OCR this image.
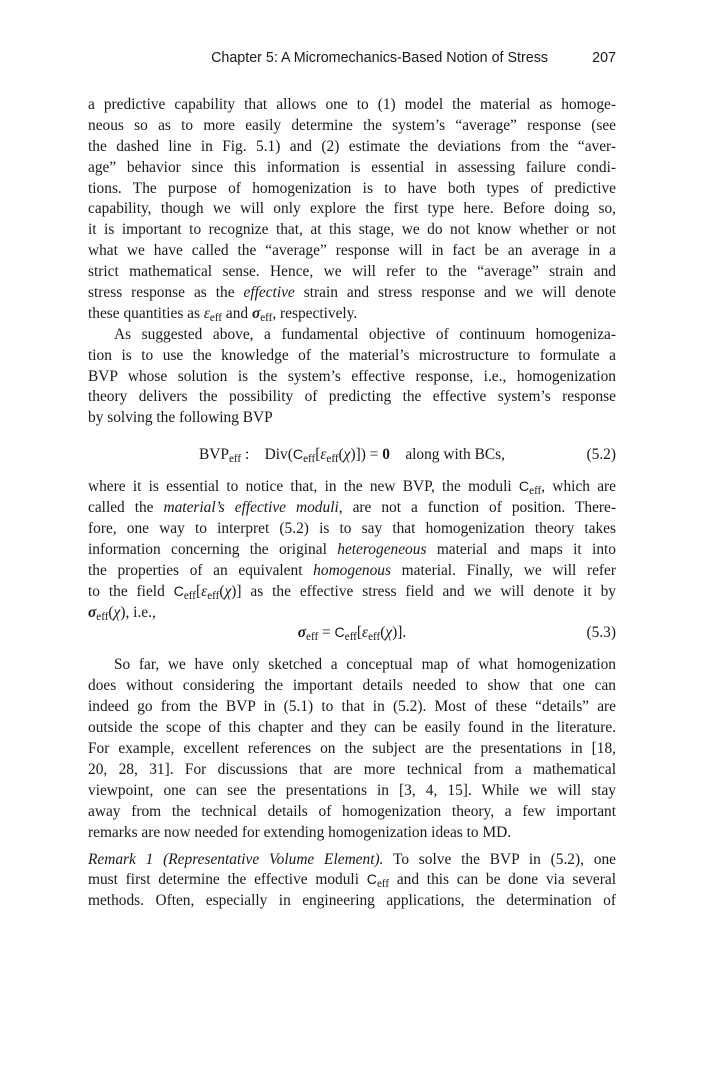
Chapter 5: A Micromechanics-Based Notion of Stress	207
a predictive capability that allows one to (1) model the material as homoge-
neous so as to more easily determine the system’s “average” response (see
the dashed line in Fig. 5.1) and (2) estimate the deviations from the “aver-
age” behavior since this information is essential in assessing failure condi-
tions. The purpose of homogenization is to have both types of predictive
capability, though we will only explore the first type here. Before doing so,
it is important to recognize that, at this stage, we do not know whether or not
what we have called the “average” response will in fact be an average in a
strict mathematical sense. Hence, we will refer to the “average” strain and
stress response as the effective strain and stress response and we will denote
these quantities as $\varepsilon_{eff}$ and $\sigma_{eff}$, respectively.
As suggested above, a fundamental objective of continuum homogeniza-
tion is to use the knowledge of the material’s microstructure to formulate a
BVP whose solution is the system’s effective response, i.e., homogenization
theory delivers the possibility of predicting the effective system’s response
by solving the following BVP
$BVP_{eff}$ :    $Div(C_{eff}[\varepsilon_{eff}(\chi)]) = 0$ along with BCs,	(5.2)
where it is essential to notice that, in the new BVP, the moduli $C_{eff}$, which are
called the material’s effective moduli, are not a function of position. There-
fore, one way to interpret (5.2) is to say that homogenization theory takes
information concerning the original heterogeneous material and maps it into
the properties of an equivalent homogenous material. Finally, we will refer
to the field $C_{eff}[\varepsilon_{eff}(\chi)]$ as the effective stress field and we will denote it by
$\sigma_{eff}(\chi)$, i.e.,
$\sigma_{eff} = C_{eff}[\varepsilon_{eff}(\chi)]$.	(5.3)
So far, we have only sketched a conceptual map of what homogenization
does without considering the important details needed to show that one can
indeed go from the BVP in (5.1) to that in (5.2). Most of these “details” are
outside the scope of this chapter and they can be easily found in the literature.
For example, excellent references on the subject are the presentations in [18,
20, 28, 31]. For discussions that are more technical from a mathematical
viewpoint, one can see the presentations in [3, 4, 15]. While we will stay
away from the technical details of homogenization theory, a few important
remarks are now needed for extending homogenization ideas to MD.
Remark 1 (Representative Volume Element). To solve the BVP in (5.2), one
must first determine the effective moduli $C_{eff}$ and this can be done via several
methods. Often, especially in engineering applications, the determination of
